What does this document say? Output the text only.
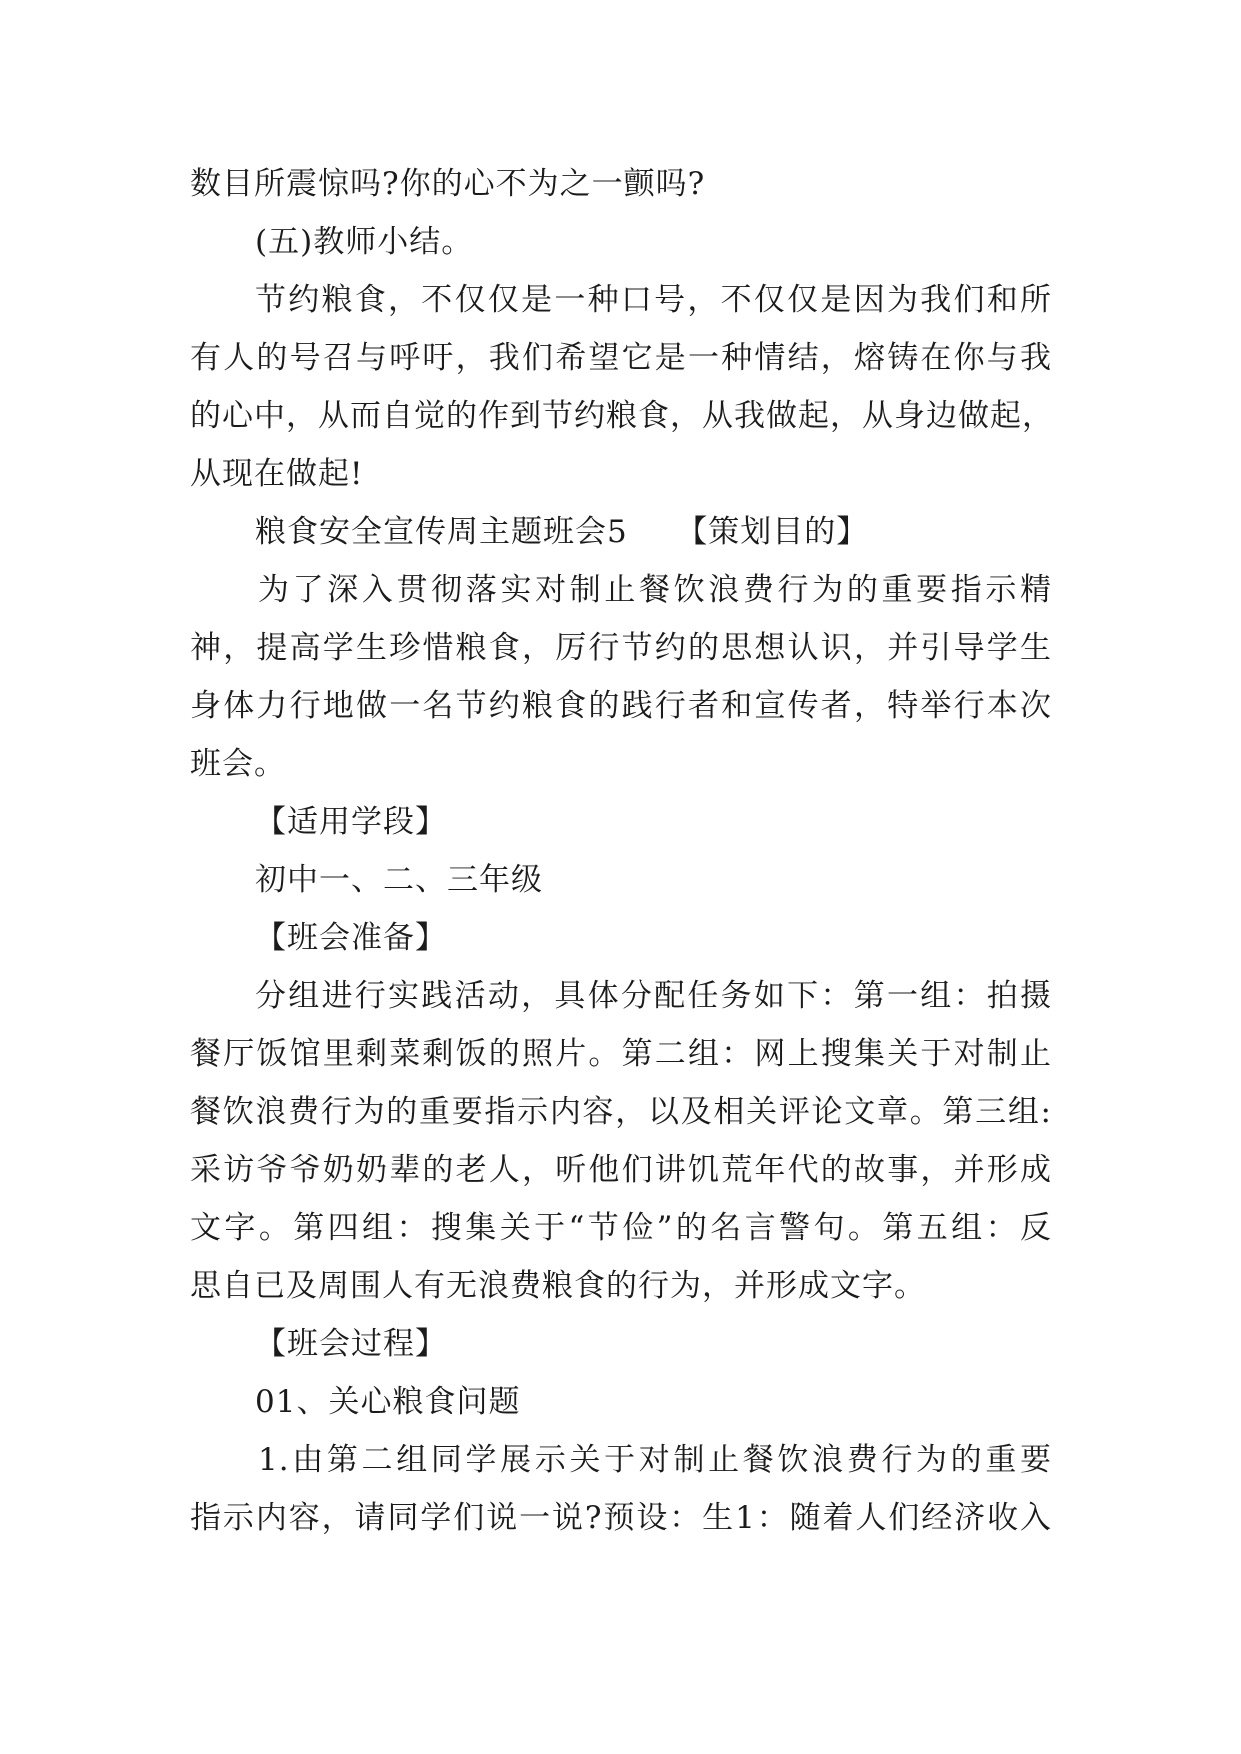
数目所震惊吗?你的心不为之一颤吗?

(五)教师小结。

节约粮食，不仅仅是一种口号，不仅仅是因为我们和所

有人的号召与呼吁，我们希望它是一种情结，熔铸在你与我

的心中，从而自觉的作到节约粮食，从我做起，从身边做起，

从现在做起!

粮食安全宣传周主题班会5　　【策划目的】

为了深入贯彻落实对制止餐饮浪费行为的重要指示精

神，提高学生珍惜粮食，厉行节约的思想认识，并引导学生

身体力行地做一名节约粮食的践行者和宣传者，特举行本次

班会。

【适用学段】

初中一、二、三年级

【班会准备】

分组进行实践活动，具体分配任务如下：第一组：拍摄

餐厅饭馆里剩菜剩饭的照片。第二组：网上搜集关于对制止

餐饮浪费行为的重要指示内容，以及相关评论文章。第三组:

采访爷爷奶奶辈的老人，听他们讲饥荒年代的故事，并形成

文字。第四组：搜集关于“节俭”的名言警句。第五组：反

思自已及周围人有无浪费粮食的行为，并形成文字。

【班会过程】

01、关心粮食问题

1.由第二组同学展示关于对制止餐饮浪费行为的重要

指示内容，请同学们说一说?预设：生1：随着人们经济收入
